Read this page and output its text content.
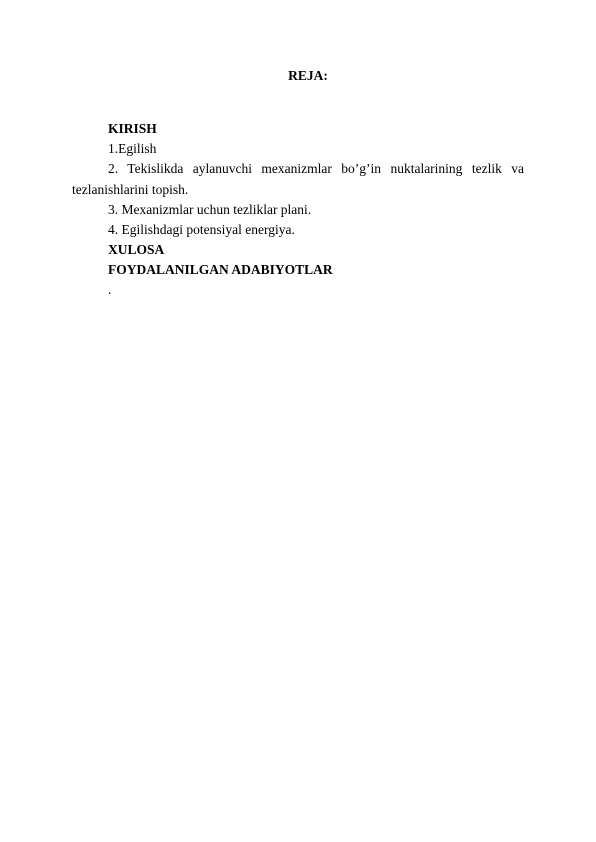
REJA:
KIRISH
1.Egilish
2. Tekislikda aylanuvchi mexanizmlar bo’g’in nuktalarining tezlik va tezlanishlarini topish.
3. Mexanizmlar uchun tezliklar plani.
4. Egilishdagi potensiyal energiya.
XULOSA
FOYDALANILGAN ADABIYOTLAR
.
